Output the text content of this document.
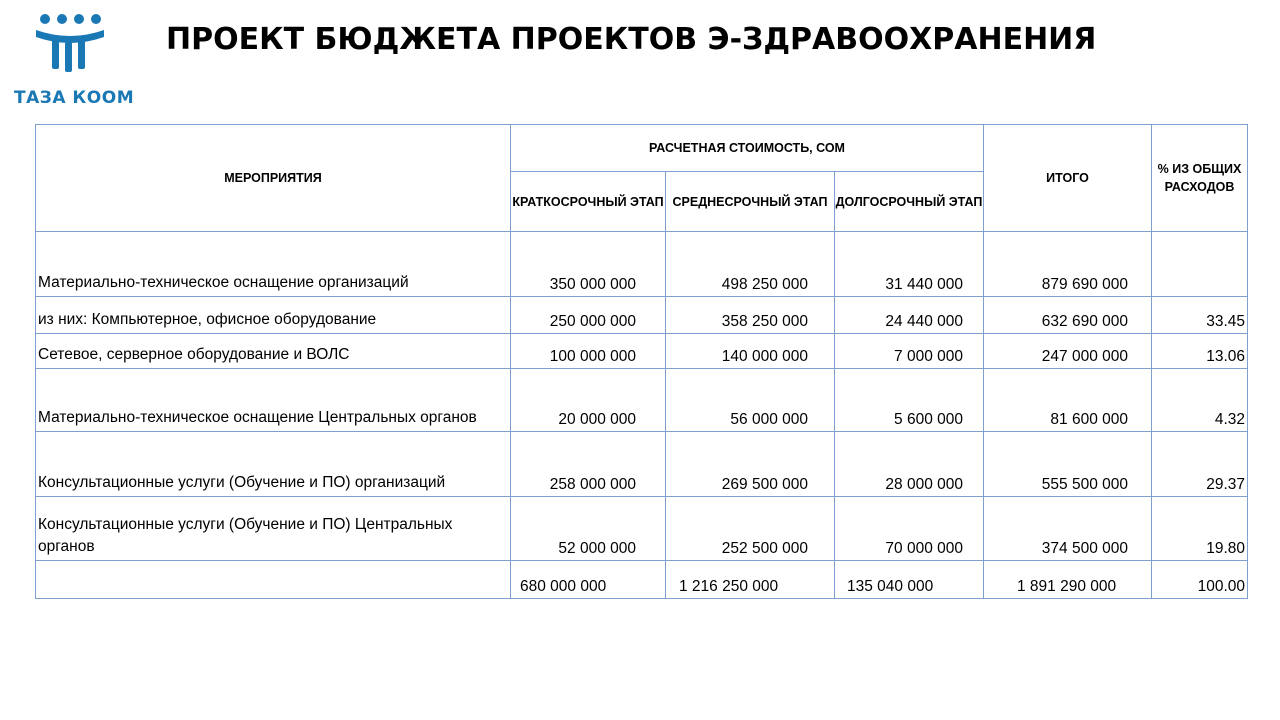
ТАЗА КООМ
ПРОЕКТ БЮДЖЕТА ПРОЕКТОВ Э-ЗДРАВООХРАНЕНИЯ
МЕРОПРИЯТИЯ	РАСЧЕТНАЯ СТОИМОСТЬ, СОМ			ИТОГО	% ИЗ ОБЩИХ РАСХОДОВ
	КРАТКОСРОЧНЫЙ ЭТАП	СРЕДНЕСРОЧНЫЙ ЭТАП	ДОЛГОСРОЧНЫЙ ЭТАП		
Материально-техническое оснащение организаций	350 000 000	498 250 000	31 440 000	879 690 000	
из них: Компьютерное, офисное оборудование	250 000 000	358 250 000	24 440 000	632 690 000	33.45
Сетевое, серверное оборудование и ВОЛС	100 000 000	140 000 000	7 000 000	247 000 000	13.06
Материально-техническое оснащение Центральных органов	20 000 000	56 000 000	5 600 000	81 600 000	4.32
Консультационные услуги (Обучение и ПО) организаций	258 000 000	269 500 000	28 000 000	555 500 000	29.37
Консультационные услуги (Обучение и ПО) Центральных органов	52 000 000	252 500 000	70 000 000	374 500 000	19.80
	680 000 000	1 216 250 000	135 040 000	1 891 290 000	100.00
